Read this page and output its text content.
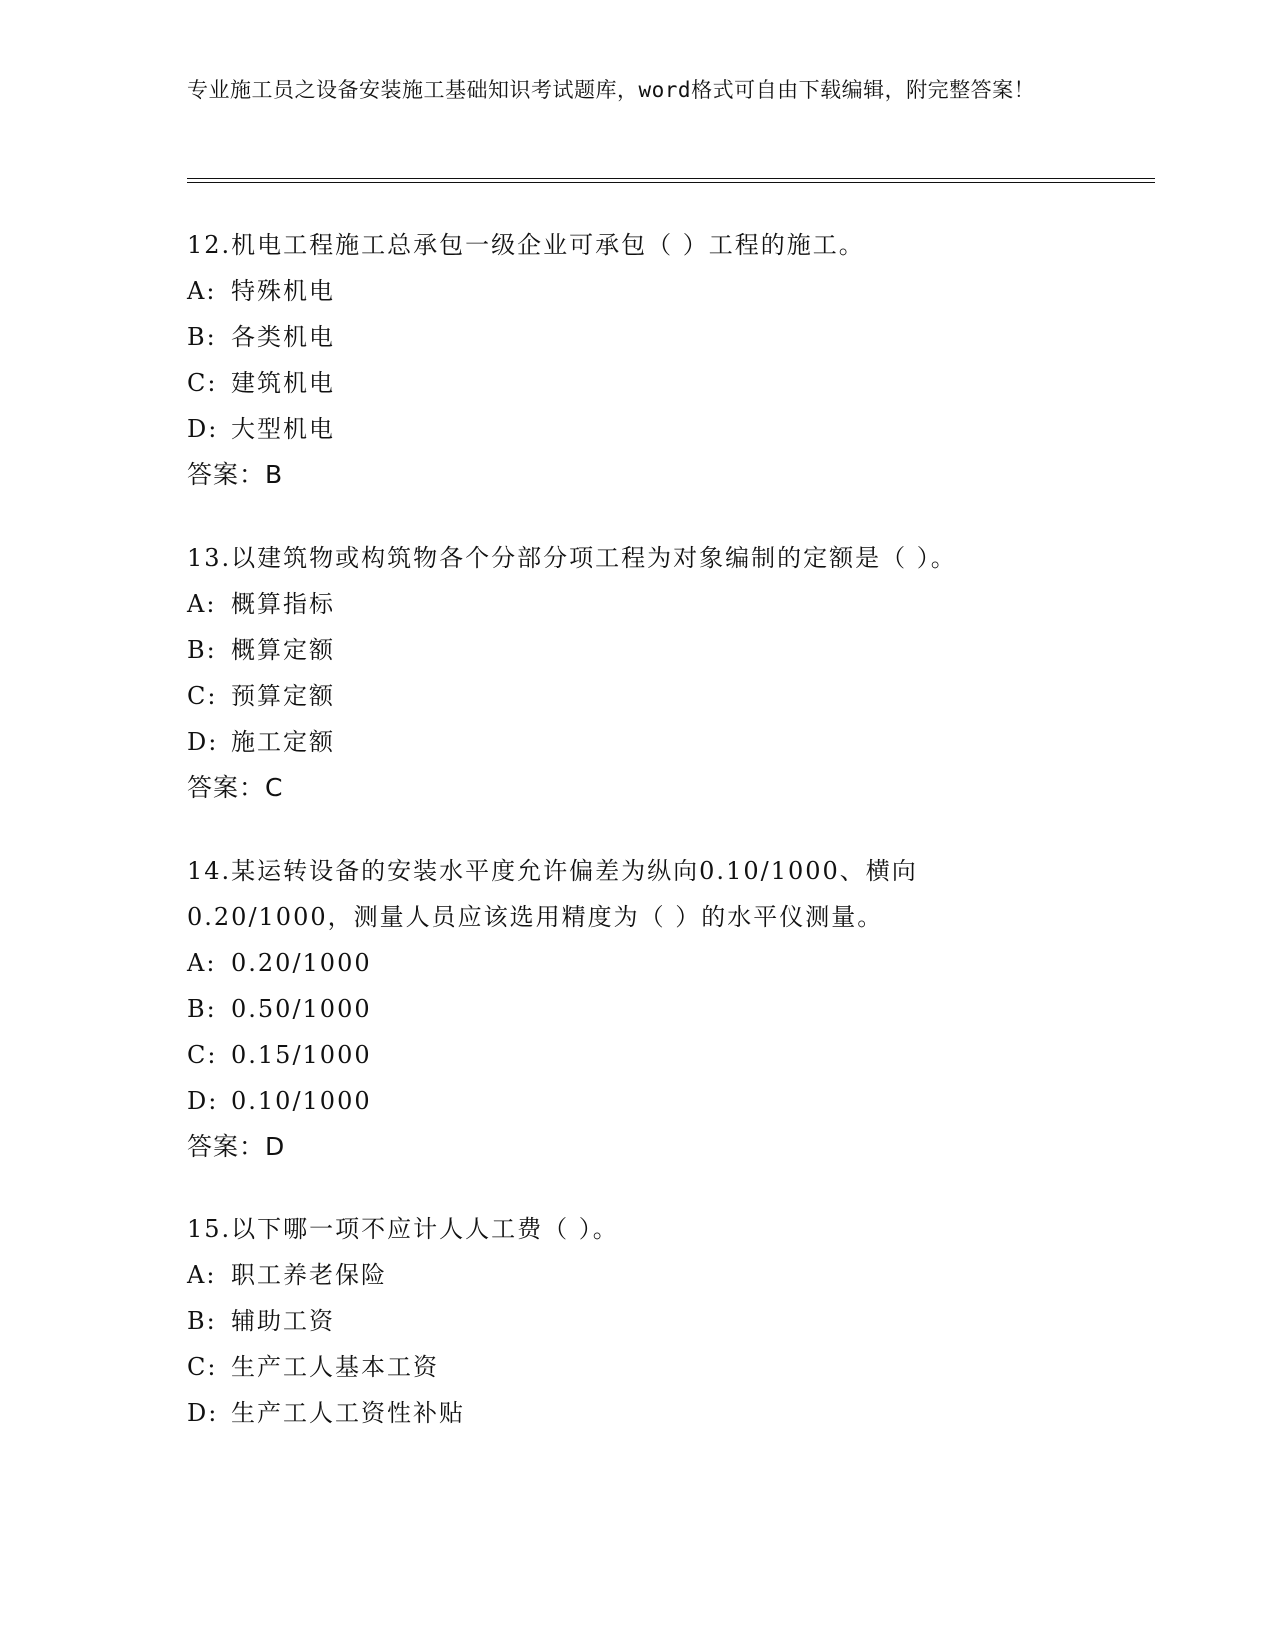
专业施工员之设备安装施工基础知识考试题库，word格式可自由下载编辑，附完整答案！
12.机电工程施工总承包一级企业可承包（ ）工程的施工。
A: 特殊机电
B: 各类机电
C: 建筑机电
D: 大型机电
答案：B
13.以建筑物或构筑物各个分部分项工程为对象编制的定额是（ ）。
A: 概算指标
B: 概算定额
C: 预算定额
D: 施工定额
答案：C
14.某运转设备的安装水平度允许偏差为纵向0.10/1000、横向0.20/1000，测量人员应该选用精度为（ ）的水平仪测量。
A: 0.20/1000
B: 0.50/1000
C: 0.15/1000
D: 0.10/1000
答案：D
15.以下哪一项不应计人人工费（ ）。
A: 职工养老保险
B: 辅助工资
C: 生产工人基本工资
D: 生产工人工资性补贴
